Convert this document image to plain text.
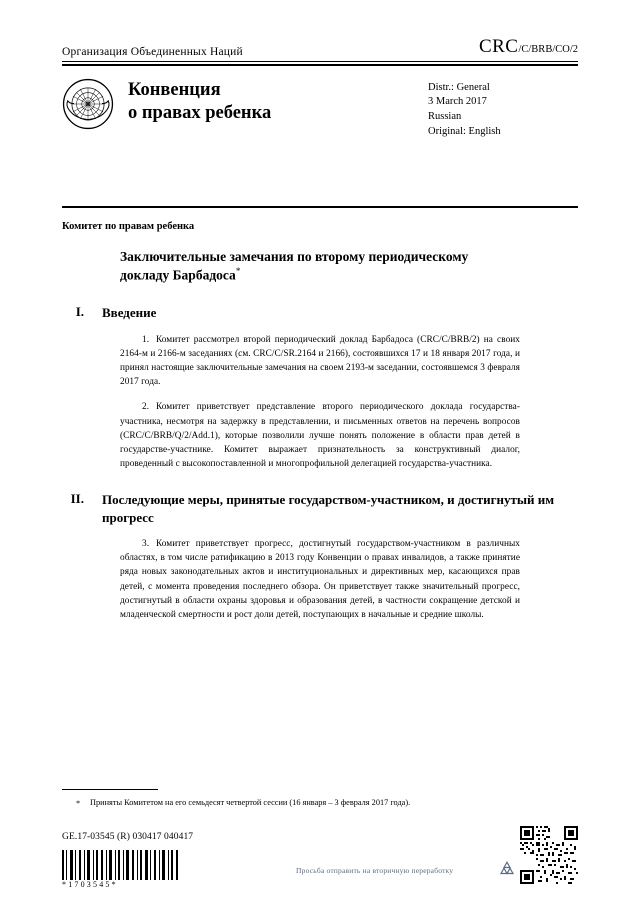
Организация Объединенных Наций	CRC/C/BRB/CO/2
Конвенция
о правах ребенка
Distr.: General
3 March 2017
Russian
Original: English
Комитет по правам ребенка
Заключительные замечания по второму периодическому докладу Барбадоса*
I.	Введение

1. Комитет рассмотрел второй периодический доклад Барбадоса (CRC/C/BRB/2) на своих 2164-м и 2166-м заседаниях (см. CRC/C/SR.2164 и 2166), состоявшихся 17 и 18 января 2017 года, и принял настоящие заключительные замечания на своем 2193-м заседании, состоявшемся 3 февраля 2017 года.

2. Комитет приветствует представление второго периодического доклада государства-участника, несмотря на задержку в представлении, и письменных ответов на перечень вопросов (CRC/C/BRB/Q/2/Add.1), которые позволили лучше понять положение в области прав детей в государстве-участнике. Комитет выражает признательность за конструктивный диалог, проведенный с высокопоставленной и многопрофильной делегацией государства-участника.

II.	Последующие меры, принятые государством-участником, и достигнутый им прогресс

3. Комитет приветствует прогресс, достигнутый государством-участником в различных областях, в том числе ратификацию в 2013 году Конвенции о правах инвалидов, а также принятие ряда новых законодательных актов и институциональных и директивных мер, касающихся прав детей, с момента проведения последнего обзора. Он приветствует также значительный прогресс, достигнутый в области охраны здоровья и образования детей, в частности сокращение детской и младенческой смертности и рост доли детей, поступающих в начальные и средние школы.

* Приняты Комитетом на его семьдесят четвертой сессии (16 января – 3 февраля 2017 года).
GE.17-03545 (R) 030417 040417
*1703545*
Просьба отправить на вторичную переработку
